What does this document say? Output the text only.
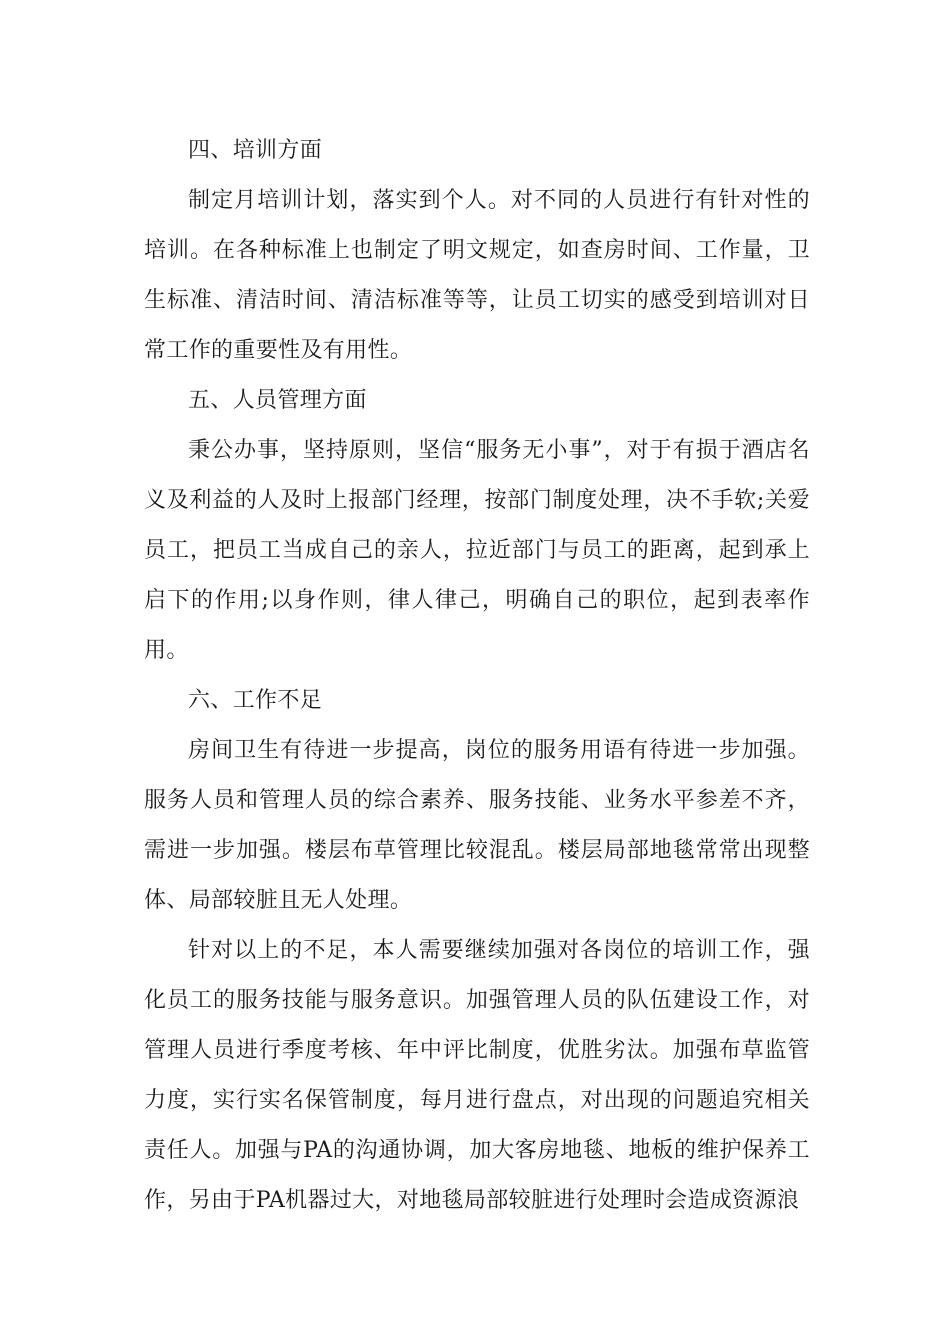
四、培训方面

制定月培训计划，落实到个人。对不同的人员进行有针对性的培训。在各种标准上也制定了明文规定，如查房时间、工作量，卫生标准、清洁时间、清洁标准等等，让员工切实的感受到培训对日常工作的重要性及有用性。

五、人员管理方面

秉公办事，坚持原则，坚信“服务无小事”，对于有损于酒店名义及利益的人及时上报部门经理，按部门制度处理，决不手软;关爱员工，把员工当成自己的亲人，拉近部门与员工的距离，起到承上启下的作用;以身作则，律人律己，明确自己的职位，起到表率作用。

六、工作不足

房间卫生有待进一步提高，岗位的服务用语有待进一步加强。服务人员和管理人员的综合素养、服务技能、业务水平参差不齐，需进一步加强。楼层布草管理比较混乱。楼层局部地毯常常出现整体、局部较脏且无人处理。

针对以上的不足，本人需要继续加强对各岗位的培训工作，强化员工的服务技能与服务意识。加强管理人员的队伍建设工作，对管理人员进行季度考核、年中评比制度，优胜劣汰。加强布草监管力度，实行实名保管制度，每月进行盘点，对出现的问题追究相关责任人。加强与PA的沟通协调，加大客房地毯、地板的维护保养工作，另由于PA机器过大，对地毯局部较脏进行处理时会造成资源浪
